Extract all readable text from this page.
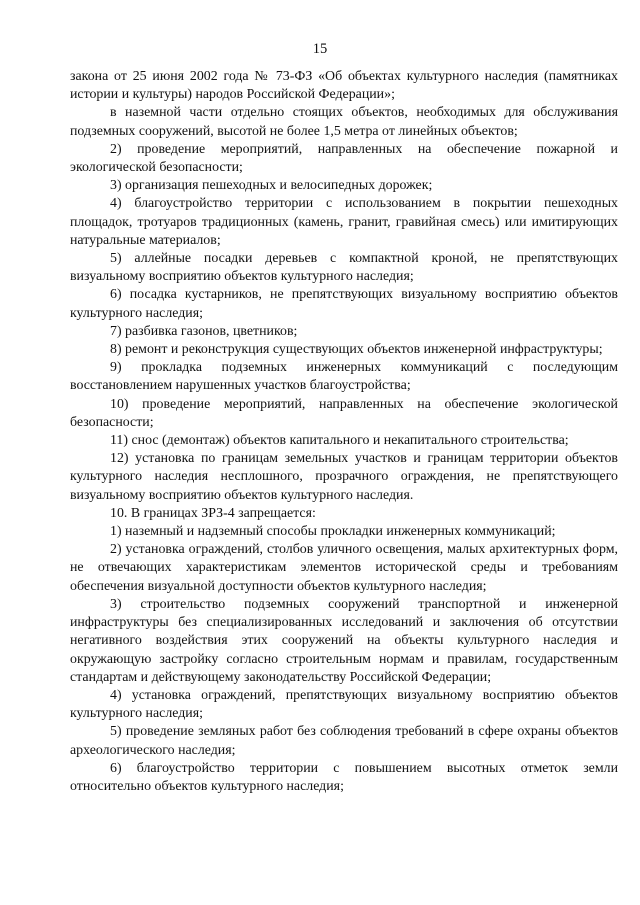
15

закона от 25 июня 2002 года № 73-ФЗ «Об объектах культурного наследия (памятниках истории и культуры) народов Российской Федерации»;

в наземной части отдельно стоящих объектов, необходимых для обслуживания подземных сооружений, высотой не более 1,5 метра от линейных объектов;

2) проведение мероприятий, направленных на обеспечение пожарной и экологической безопасности;

3) организация пешеходных и велосипедных дорожек;

4) благоустройство территории с использованием в покрытии пешеходных площадок, тротуаров традиционных (камень, гранит, гравийная смесь) или имитирующих натуральные материалов;

5) аллейные посадки деревьев с компактной кроной, не препятствующих визуальному восприятию объектов культурного наследия;

6) посадка кустарников, не препятствующих визуальному восприятию объектов культурного наследия;

7) разбивка газонов, цветников;

8) ремонт и реконструкция существующих объектов инженерной инфраструктуры;

9) прокладка подземных инженерных коммуникаций с последующим восстановлением нарушенных участков благоустройства;

10) проведение мероприятий, направленных на обеспечение экологической безопасности;

11) снос (демонтаж) объектов капитального и некапитального строительства;

12) установка по границам земельных участков и границам территории объектов культурного наследия несплошного, прозрачного ограждения, не препятствующего визуальному восприятию объектов культурного наследия.

10. В границах ЗРЗ-4 запрещается:

1) наземный и надземный способы прокладки инженерных коммуникаций;

2) установка ограждений, столбов уличного освещения, малых архитектурных форм, не отвечающих характеристикам элементов исторической среды и требованиям обеспечения визуальной доступности объектов культурного наследия;

3) строительство подземных сооружений транспортной и инженерной инфраструктуры без специализированных исследований и заключения об отсутствии негативного воздействия этих сооружений на объекты культурного наследия и окружающую застройку согласно строительным нормам и правилам, государственным стандартам и действующему законодательству Российской Федерации;

4) установка ограждений, препятствующих визуальному восприятию объектов культурного наследия;

5) проведение земляных работ без соблюдения требований в сфере охраны объектов археологического наследия;

6) благоустройство территории с повышением высотных отметок земли относительно объектов культурного наследия;
